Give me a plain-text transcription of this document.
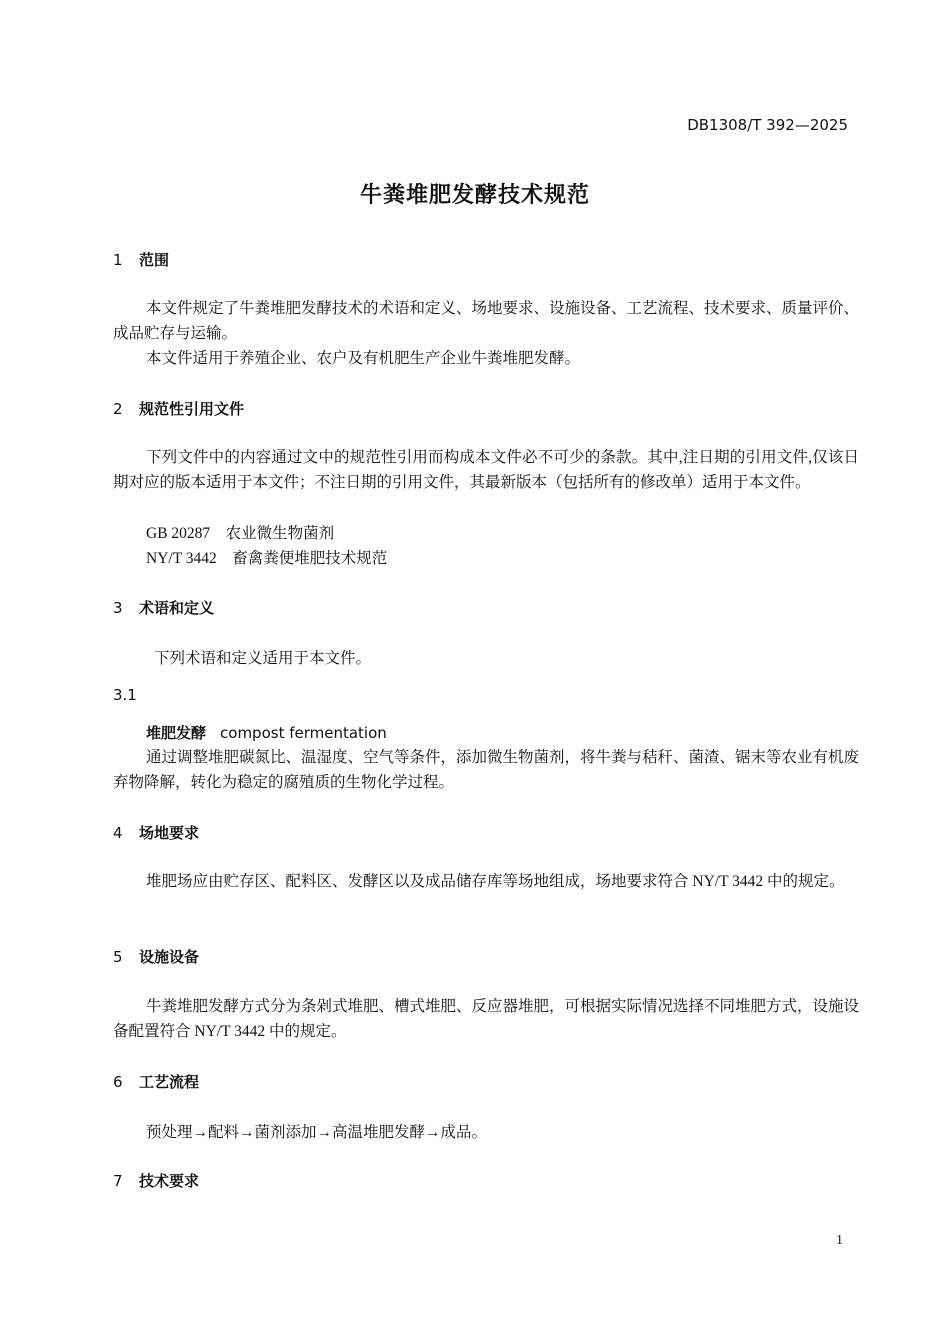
DB1308/T 392—2025
牛粪堆肥发酵技术规范
1 范围
本文件规定了牛粪堆肥发酵技术的术语和定义、场地要求、设施设备、工艺流程、技术要求、质量评价、成品贮存与运输。
本文件适用于养殖企业、农户及有机肥生产企业牛粪堆肥发酵。
2 规范性引用文件
下列文件中的内容通过文中的规范性引用而构成本文件必不可少的条款。其中,注日期的引用文件,仅该日期对应的版本适用于本文件；不注日期的引用文件，其最新版本（包括所有的修改单）适用于本文件。
GB 20287　农业微生物菌剂
NY/T 3442　畜禽粪便堆肥技术规范
3 术语和定义
下列术语和定义适用于本文件。
3.1
堆肥发酵 compost fermentation
通过调整堆肥碳氮比、温湿度、空气等条件，添加微生物菌剂，将牛粪与秸秆、菌渣、锯末等农业有机废弃物降解，转化为稳定的腐殖质的生物化学过程。
4 场地要求
堆肥场应由贮存区、配料区、发酵区以及成品储存库等场地组成，场地要求符合 NY/T 3442 中的规定。
5 设施设备
牛粪堆肥发酵方式分为条剁式堆肥、槽式堆肥、反应器堆肥，可根据实际情况选择不同堆肥方式，设施设备配置符合 NY/T 3442 中的规定。
6 工艺流程
预处理→配料→菌剂添加→高温堆肥发酵→成品。
7 技术要求
1
